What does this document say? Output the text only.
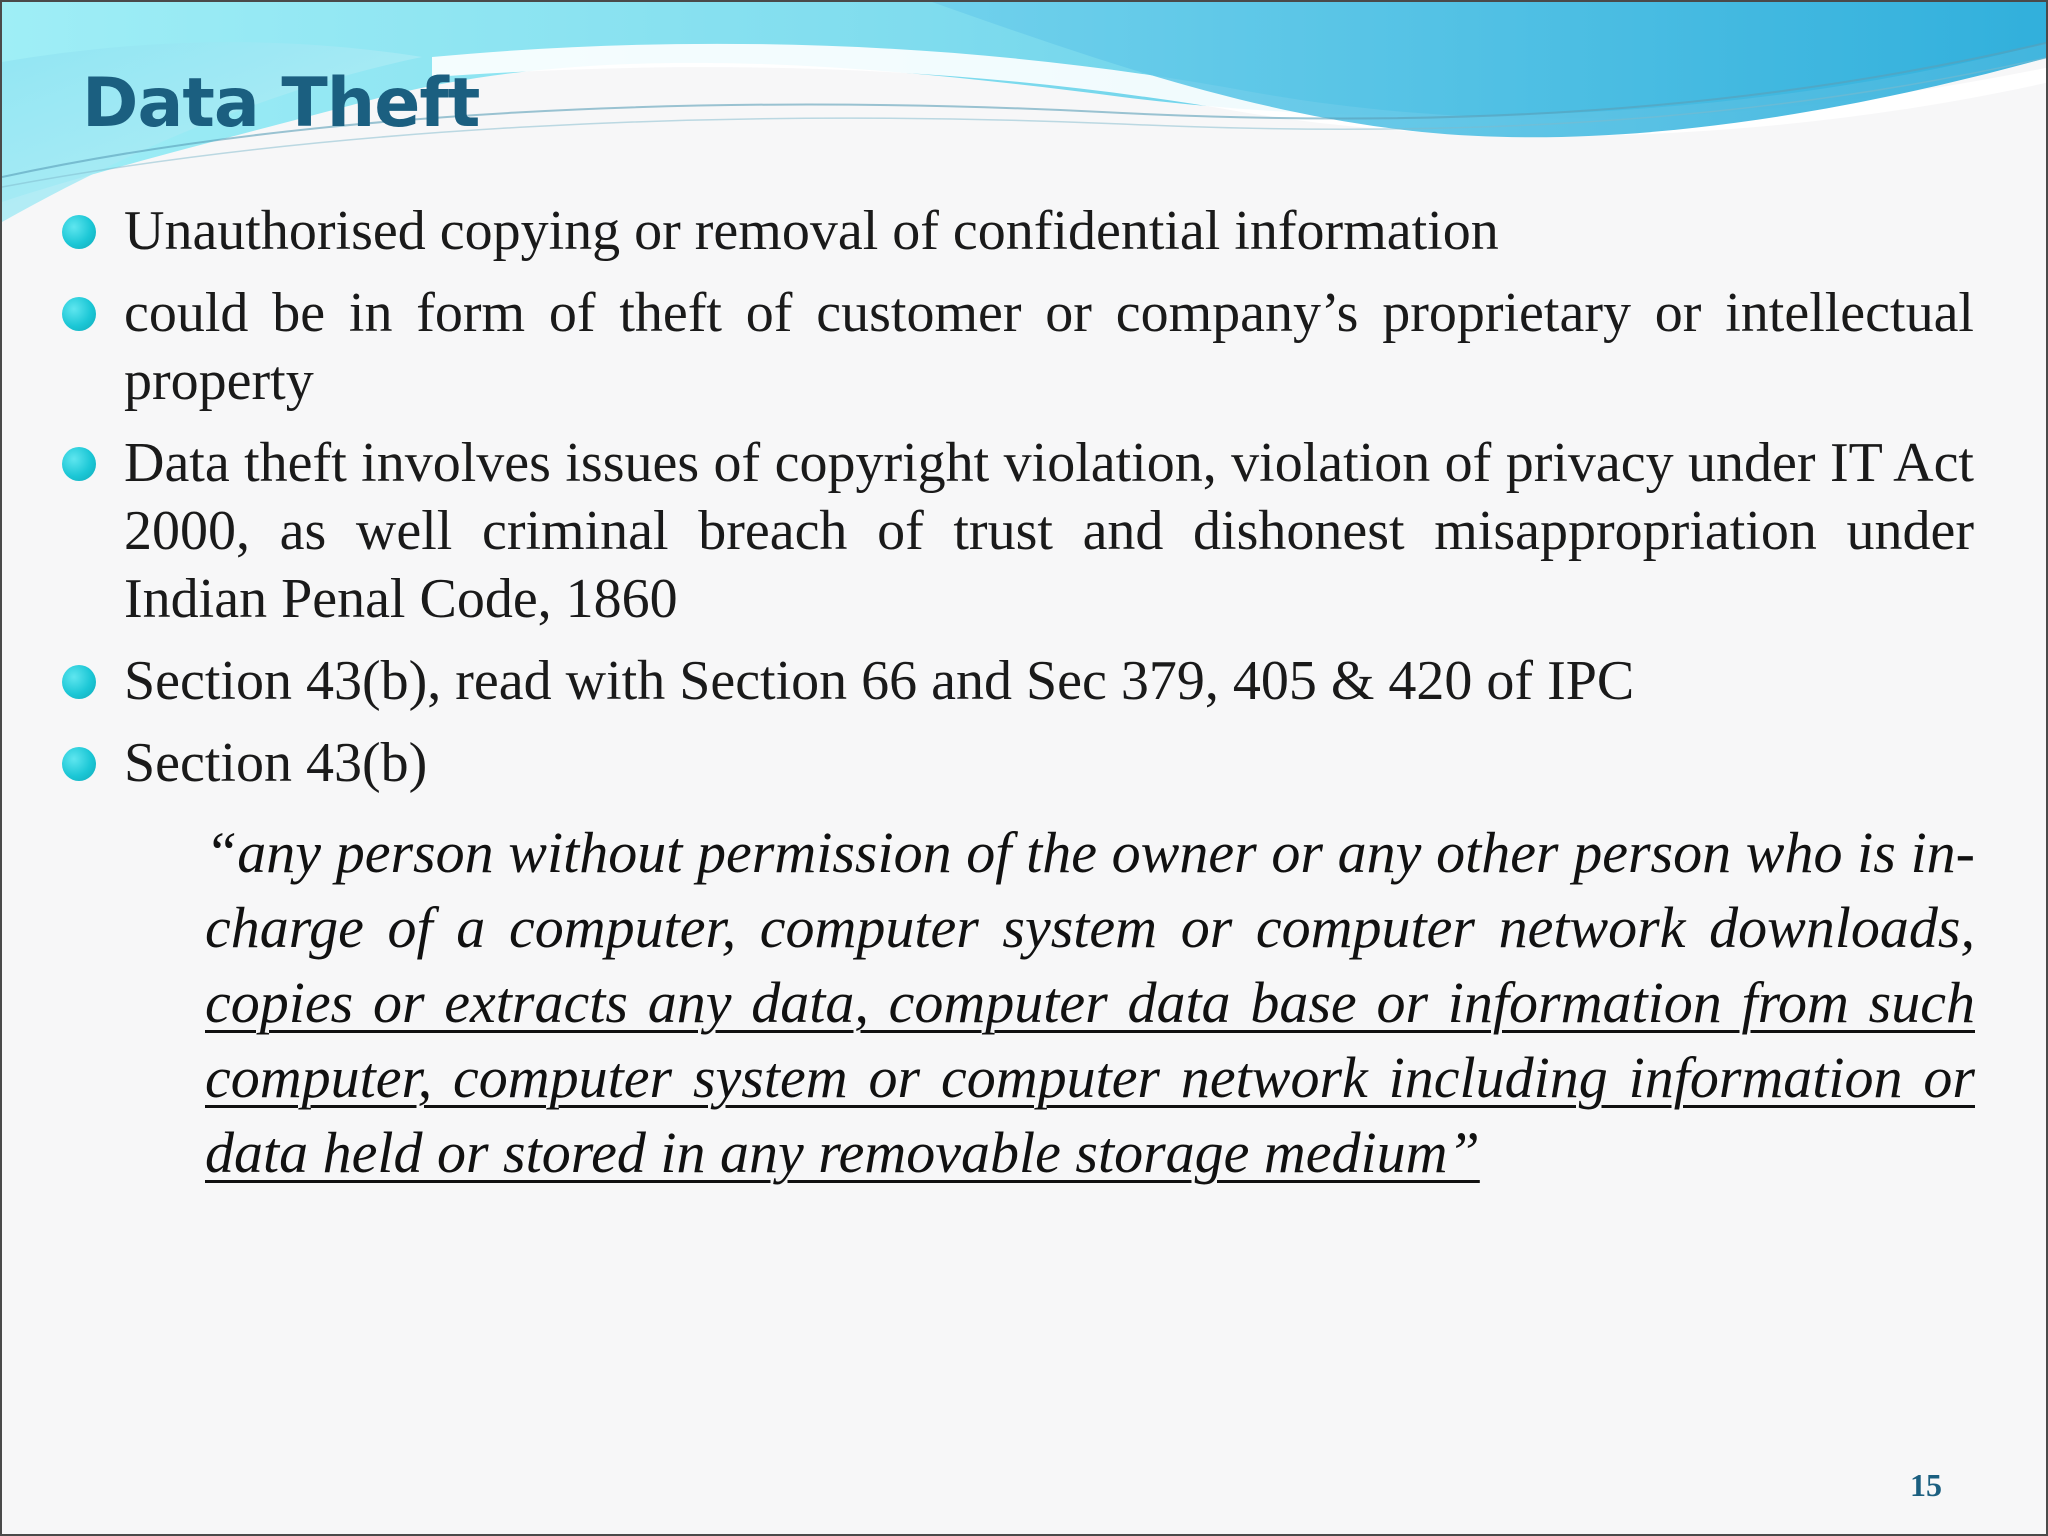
Data Theft
Unauthorised copying or removal of confidential information
could be in form of theft of customer or company’s proprietary or intellectual property
Data theft involves issues of copyright violation, violation of privacy under IT Act 2000, as well criminal breach of trust and dishonest misappropriation under Indian Penal Code, 1860
Section 43(b), read with Section 66 and Sec 379, 405 & 420 of IPC
Section 43(b)

“any person without permission of the owner or any other person who is in-charge of a computer, computer system or computer network downloads, copies or extracts any data, computer data base or information from such computer, computer system or computer network including information or data held or stored in any removable storage medium”

15
